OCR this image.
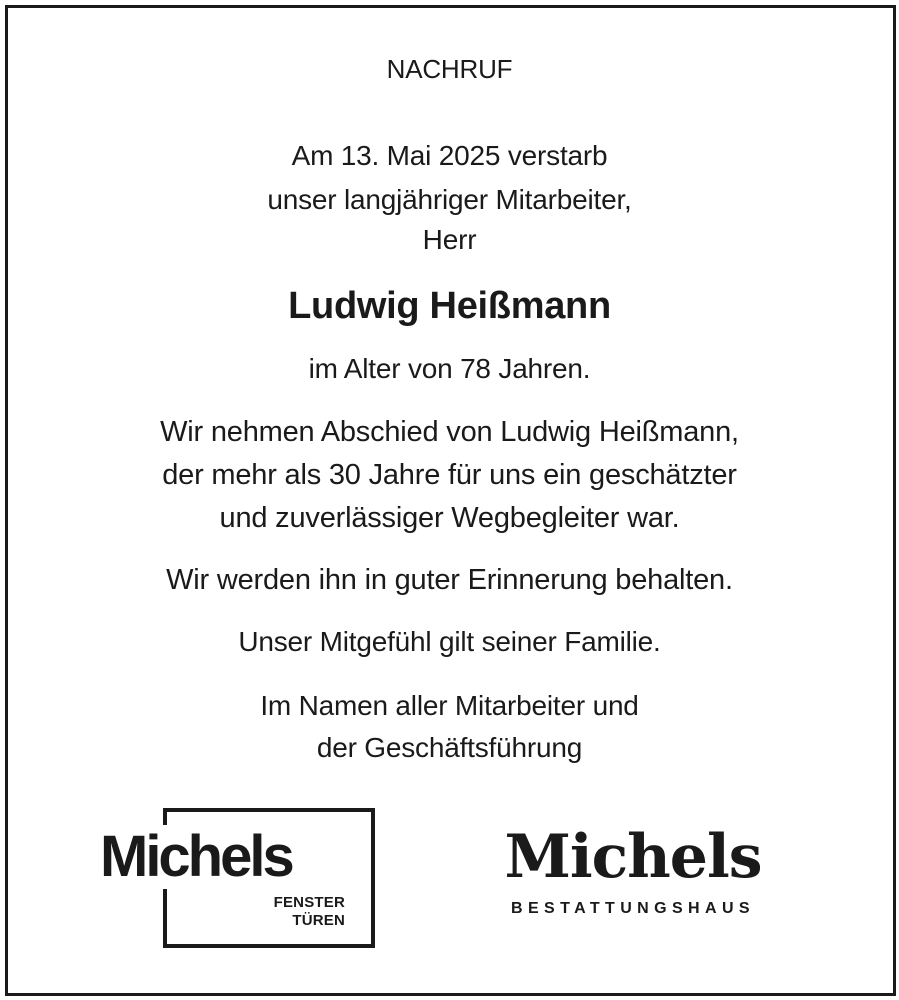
NACHRUF
Am 13. Mai 2025 verstarb
unser langjähriger Mitarbeiter,
Herr
Ludwig Heißmann
im Alter von 78 Jahren.
Wir nehmen Abschied von Ludwig Heißmann,
der mehr als 30 Jahre für uns ein geschätzter
und zuverlässiger Wegbegleiter war.
Wir werden ihn in guter Erinnerung behalten.
Unser Mitgefühl gilt seiner Familie.
Im Namen aller Mitarbeiter und
der Geschäftsführung
Michels
FENSTER
TÜREN
Michels
BESTATTUNGSHAUS
